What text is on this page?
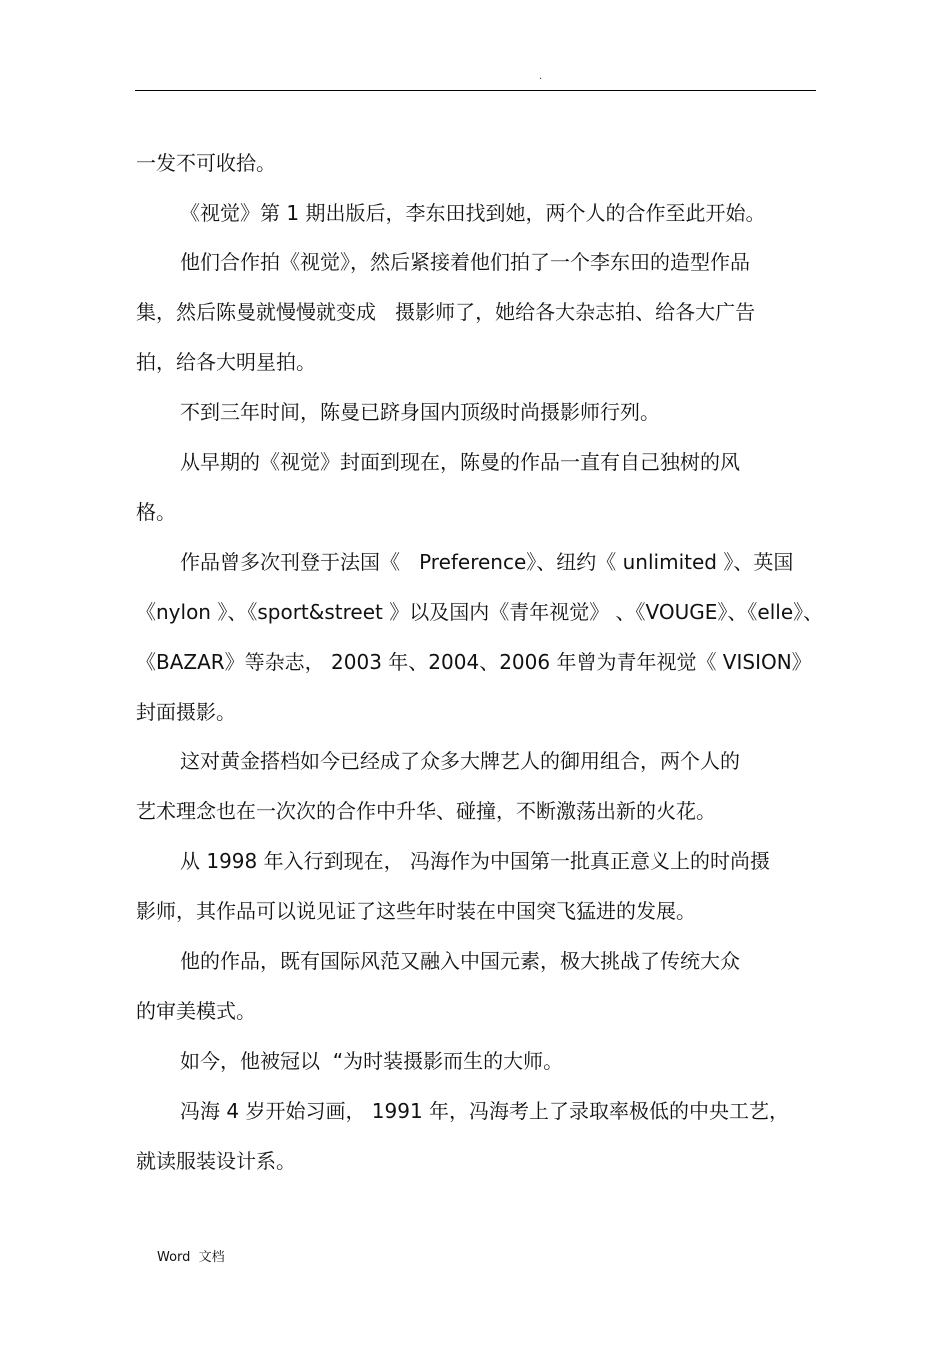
.
一发不可收拾。
《视觉》第 1 期出版后，李东田找到她，两个人的合作至此开始。
他们合作拍《视觉》，然后紧接着他们拍了一个李东田的造型作品
集，然后陈曼就慢慢就变成   摄影师了，她给各大杂志拍、给各大广告
拍，给各大明星拍。
不到三年时间，陈曼已跻身国内顶级时尚摄影师行列。
从早期的《视觉》封面到现在，陈曼的作品一直有自己独树的风
格。
作品曾多次刊登于法国《   Preference》、纽约《 unlimited 》、英国
《nylon 》、《sport&street 》以及国内《青年视觉》 、《VOUGE》、《elle》、
《BAZAR》等杂志， 2003 年、2004、2006 年曾为青年视觉《 VISION》
封面摄影。
这对黄金搭档如今已经成了众多大牌艺人的御用组合，两个人的
艺术理念也在一次次的合作中升华、碰撞，不断激荡出新的火花。
从 1998 年入行到现在， 冯海作为中国第一批真正意义上的时尚摄
影师，其作品可以说见证了这些年时装在中国突飞猛进的发展。
他的作品，既有国际风范又融入中国元素，极大挑战了传统大众
的审美模式。
如今，他被冠以  “为时装摄影而生的大师。
冯海 4 岁开始习画， 1991 年，冯海考上了录取率极低的中央工艺，
就读服装设计系。
Word  文档
